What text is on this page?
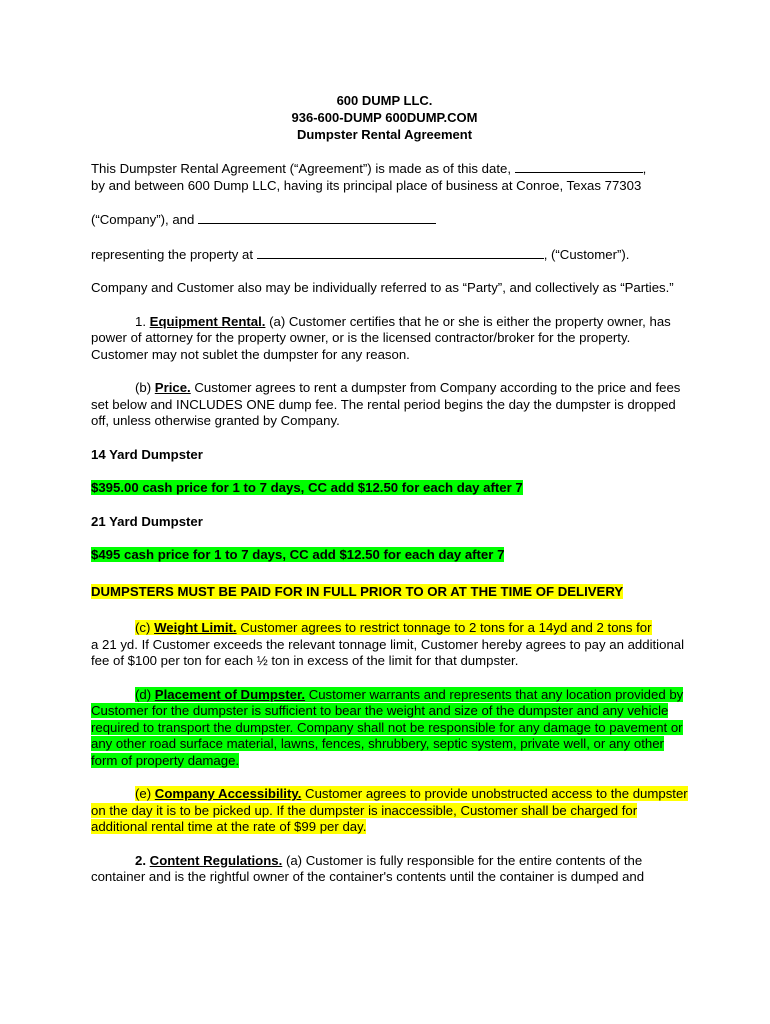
600 DUMP LLC.
936-600-DUMP 600DUMP.COM
Dumpster Rental Agreement

This Dumpster Rental Agreement (“Agreement”) is made as of this date,	,
by and between 600 Dump LLC, having its principal place of business at Conroe, Texas 77303

(“Company”), and

representing the property at	, (“Customer”).

Company and Customer also may be individually referred to as “Party”, and collectively as “Parties.”

1. Equipment Rental. (a) Customer certifies that he or she is either the property owner, has power of attorney for the property owner, or is the licensed contractor/broker for the property. Customer may not sublet the dumpster for any reason.

(b) Price. Customer agrees to rent a dumpster from Company according to the price and fees set below and INCLUDES ONE dump fee. The rental period begins the day the dumpster is dropped off, unless otherwise granted by Company.

14 Yard Dumpster

$395.00 cash price for 1 to 7 days, CC add $12.50 for each day after 7

21 Yard Dumpster

$495 cash price for 1 to 7 days, CC add $12.50 for each day after 7

DUMPSTERS MUST BE PAID FOR IN FULL PRIOR TO OR AT THE TIME OF DELIVERY

(c) Weight Limit. Customer agrees to restrict tonnage to 2 tons for a 14yd and 2 tons for
a 21 yd. If Customer exceeds the relevant tonnage limit, Customer hereby agrees to pay an additional fee of $100 per ton for each ½ ton in excess of the limit for that dumpster.

(d) Placement of Dumpster. Customer warrants and represents that any location provided by Customer for the dumpster is sufficient to bear the weight and size of the dumpster and any vehicle required to transport the dumpster. Company shall not be responsible for any damage to pavement or any other road surface material, lawns, fences, shrubbery, septic system, private well, or any other form of property damage.

(e) Company Accessibility. Customer agrees to provide unobstructed access to the dumpster on the day it is to be picked up. If the dumpster is inaccessible, Customer shall be charged for additional rental time at the rate of $99 per day.

2. Content Regulations. (a) Customer is fully responsible for the entire contents of the container and is the rightful owner of the container's contents until the container is dumped and
